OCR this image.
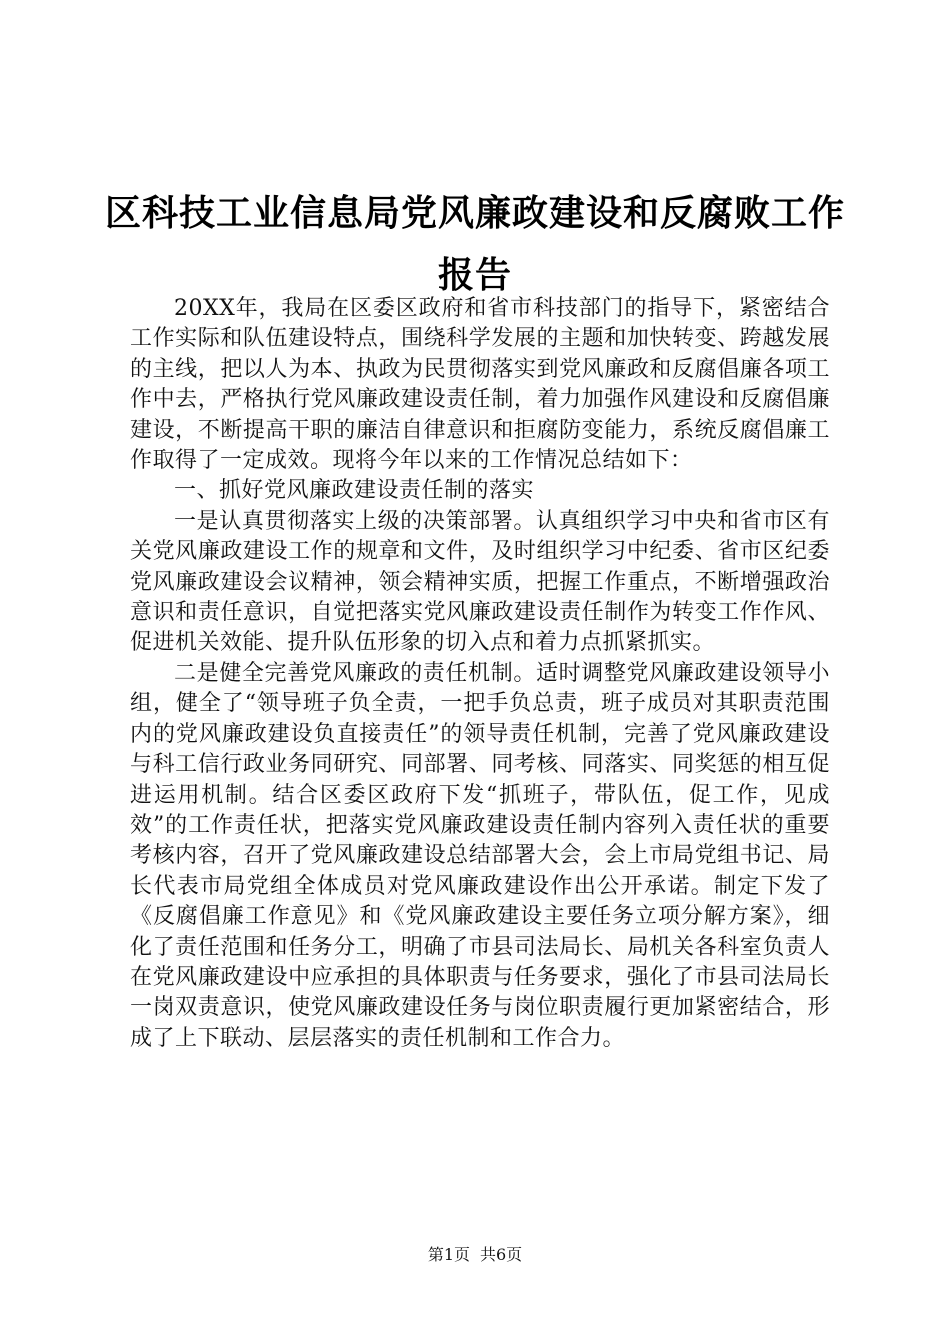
区科技工业信息局党风廉政建设和反腐败工作报告

20XX年，我局在区委区政府和省市科技部门的指导下，紧密结合工作实际和队伍建设特点，围绕科学发展的主题和加快转变、跨越发展的主线，把以人为本、执政为民贯彻落实到党风廉政和反腐倡廉各项工作中去，严格执行党风廉政建设责任制，着力加强作风建设和反腐倡廉建设，不断提高干职的廉洁自律意识和拒腐防变能力，系统反腐倡廉工作取得了一定成效。现将今年以来的工作情况总结如下：

一、抓好党风廉政建设责任制的落实

一是认真贯彻落实上级的决策部署。认真组织学习中央和省市区有关党风廉政建设工作的规章和文件，及时组织学习中纪委、省市区纪委党风廉政建设会议精神，领会精神实质，把握工作重点，不断增强政治意识和责任意识，自觉把落实党风廉政建设责任制作为转变工作作风、促进机关效能、提升队伍形象的切入点和着力点抓紧抓实。

二是健全完善党风廉政的责任机制。适时调整党风廉政建设领导小组，健全了“领导班子负全责，一把手负总责，班子成员对其职责范围内的党风廉政建设负直接责任”的领导责任机制，完善了党风廉政建设与科工信行政业务同研究、同部署、同考核、同落实、同奖惩的相互促进运用机制。结合区委区政府下发“抓班子，带队伍，促工作，见成效”的工作责任状，把落实党风廉政建设责任制内容列入责任状的重要考核内容，召开了党风廉政建设总结部署大会，会上市局党组书记、局长代表市局党组全体成员对党风廉政建设作出公开承诺。制定下发了《反腐倡廉工作意见》和《党风廉政建设主要任务立项分解方案》，细化了责任范围和任务分工，明确了市县司法局长、局机关各科室负责人在党风廉政建设中应承担的具体职责与任务要求，强化了市县司法局长一岗双责意识，使党风廉政建设任务与岗位职责履行更加紧密结合，形成了上下联动、层层落实的责任机制和工作合力。

第1页 共6页
